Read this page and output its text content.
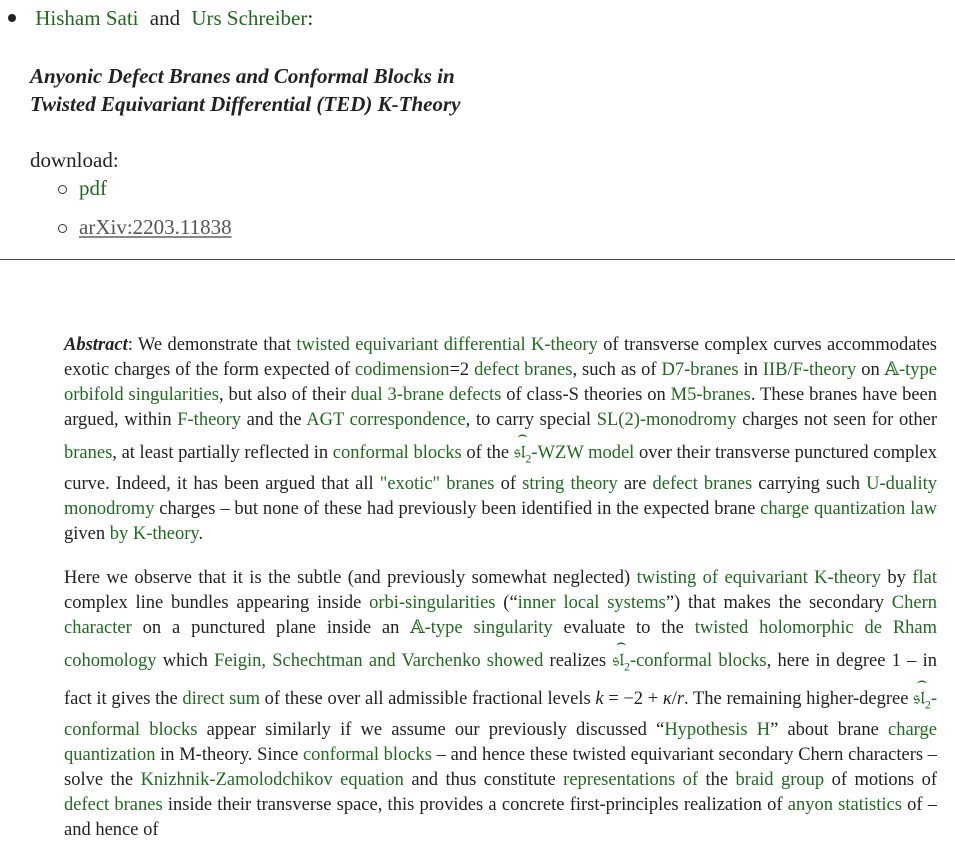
Hisham Sati and Urs Schreiber:
Anyonic Defect Branes and Conformal Blocks in
Twisted Equivariant Differential (TED) K-Theory
download:
pdf
arXiv:2203.11838

Abstract: We demonstrate that twisted equivariant differential K-theory of transverse complex curves accommodates exotic charges of the form expected of codimension=2 defect branes, such as of D7-branes in IIB/F-theory on 𝔸-type orbifold singularities, but also of their dual 3-brane defects of class-S theories on M5-branes. These branes have been argued, within F-theory and the AGT correspondence, to carry special SL(2)-monodromy charges not seen for other branes, at least partially reflected in conformal blocks of the
⌢
𝔰𝔩$_2$-WZW model over their transverse punctured complex curve. Indeed, it has been argued that all "exotic" branes of string theory are defect branes carrying such U-duality monodromy charges – but none of these had previously been identified in the expected brane charge quantization law given by K-theory.

Here we observe that it is the subtle (and previously somewhat neglected) twisting of equivariant K-theory by flat complex line bundles appearing inside orbi-singularities (“inner local systems”) that makes the secondary Chern character on a punctured plane inside an 𝔸-type singularity evaluate to the twisted holomorphic de Rham cohomology which Feigin, Schechtman and Varchenko showed realizes
⌢
𝔰𝔩$_2$-conformal blocks, here in degree 1 – in fact it gives the direct sum of these over all admissible fractional levels k = −2 + κ/r. The remaining higher-degree
⌢
𝔰𝔩$_2$-conformal blocks appear similarly if we assume our previously discussed “Hypothesis H” about brane charge quantization in M-theory. Since conformal blocks – and hence these twisted equivariant secondary Chern characters – solve the Knizhnik-Zamolodchikov equation and thus constitute representations of the braid group of motions of defect branes inside their transverse space, this provides a concrete first-principles realization of anyon statistics of – and hence of
